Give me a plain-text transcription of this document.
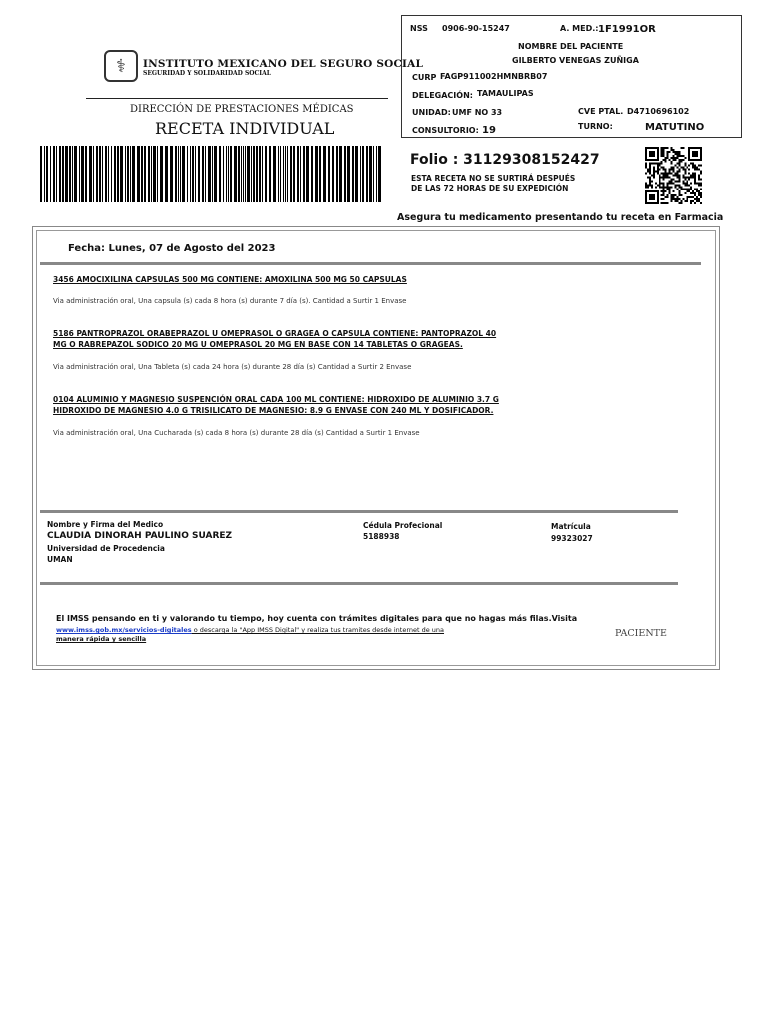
⚕	INSTITUTO MEXICANO DEL SEGURO SOCIAL
SEGURIDAD Y SOLIDARIDAD SOCIAL
DIRECCIÓN DE PRESTACIONES MÉDICAS
RECETA INDIVIDUAL
NSS 0906-90-15247	A. MED.: 1F1991OR
NOMBRE DEL PACIENTE
GILBERTO VENEGAS ZUÑIGA
CURP FAGP911002HMNBRB07
DELEGACIÓN: TAMAULIPAS
UNIDAD: UMF NO 33	CVE PTAL. D4710696102
CONSULTORIO: 19	TURNO:	MATUTINO
Folio : 31129308152427
ESTA RECETA NO SE SURTIRÁ DESPUÉS
DE LAS 72 HORAS DE SU EXPEDICIÓN
Asegura tu medicamento presentando tu receta en Farmacia
Fecha: Lunes, 07 de Agosto del 2023
3456 AMOCIXILINA CAPSULAS 500 MG CONTIENE: AMOXILINA 500 MG 50 CAPSULAS
Via administración oral, Una capsula (s) cada 8 hora (s) durante 7 día (s). Cantidad a Surtir 1 Envase
5186 PANTROPRAZOL ORABEPRAZOL U OMEPRASOL O GRAGEA O CAPSULA CONTIENE: PANTOPRAZOL 40
MG O RABREPAZOL SODICO 20 MG U OMEPRASOL 20 MG EN BASE CON 14 TABLETAS O GRAGEAS.
Via administración oral, Una Tableta (s) cada 24 hora (s) durante 28 día (s) Cantidad a Surtir 2 Envase
0104 ALUMINIO Y MAGNESIO SUSPENCIÓN ORAL CADA 100 ML CONTIENE: HIDROXIDO DE ALUMINIO 3.7 G
HIDROXIDO DE MAGNESIO 4.0 G TRISILICATO DE MAGNESIO: 8.9 G ENVASE CON 240 ML Y DOSIFICADOR.
Via administración oral, Una Cucharada (s) cada 8 hora (s) durante 28 día (s) Cantidad a Surtir 1 Envase
Nombre y Firma del Medico
CLAUDIA DINORAH PAULINO SUAREZ
Universidad de Procedencia
UMAN
Cédula Profecional
5188938
Matrícula
99323027
El IMSS pensando en ti y valorando tu tiempo, hoy cuenta con trámites digitales para que no hagas más filas.Visita
www.imss.gob.mx/servicios-digitales o descarga la "App IMSS Digital" y realiza tus tramites desde internet de una
manera rápida y sencilla	PACIENTE
